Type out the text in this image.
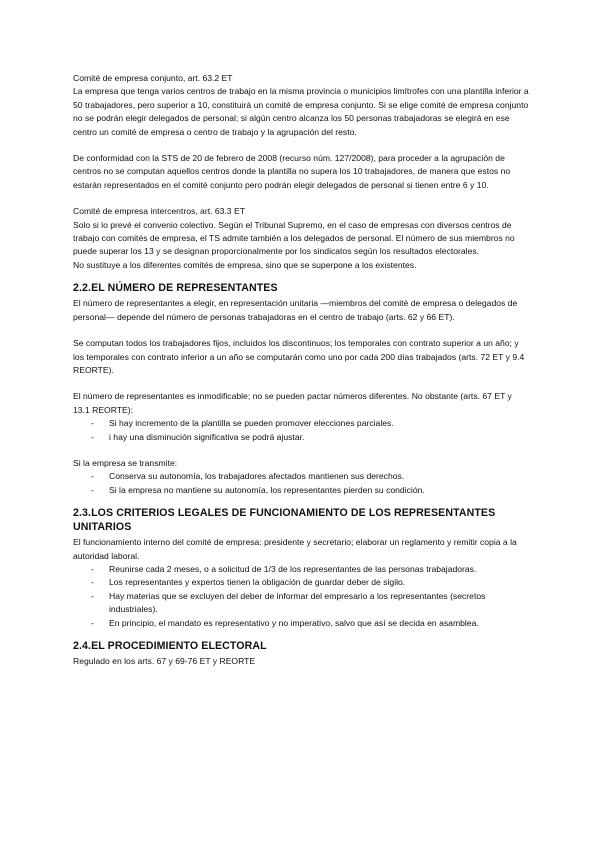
Comité de empresa conjunto, art. 63.2 ET

La empresa que tenga varios centros de trabajo en la misma provincia o municipios limítrofes con una plantilla inferior a 50 trabajadores, pero superior a 10, constituirá un comité de empresa conjunto. Si se elige comité de empresa conjunto no se podrán elegir delegados de personal; si algún centro alcanza los 50 personas trabajadoras se elegirá en ese centro un comité de empresa o centro de trabajo y la agrupación del resto.

De conformidad con la STS de 20 de febrero de 2008 (recurso núm. 127/2008), para proceder a la agrupación de centros no se computan aquellos centros donde la plantilla no supera los 10 trabajadores, de manera que estos no estarán representados en el comité conjunto pero podrán elegir delegados de personal si tienen entre 6 y 10.

Comité de empresa intercentros, art. 63.3 ET

Solo si lo prevé el convenio colectivo. Según el Tribunal Supremo, en el caso de empresas con diversos centros de trabajo con comités de empresa, el TS admite también a los delegados de personal. El número de sus miembros no puede superar los 13 y se designan proporcionalmente por los sindicatos según los resultados electorales.

No sustituye a los diferentes comités de empresa, sino que se superpone a los existentes.

2.2.EL NÚMERO DE REPRESENTANTES

El número de representantes a elegir, en representación unitaria —miembros del comité de empresa o delegados de personal— depende del número de personas trabajadoras en el centro de trabajo (arts. 62 y 66 ET).

Se computan todos los trabajadores fijos, incluidos los discontinuos; los temporales con contrato superior a un año; y los temporales con contrato inferior a un año se computarán como uno por cada 200 días trabajados (arts. 72 ET y 9.4 REORTE).

El número de representantes es inmodificable; no se pueden pactar números diferentes. No obstante (arts. 67 ET y 13.1 REORTE):

- Si hay incremento de la plantilla se pueden promover elecciones parciales.
- i hay una disminución significativa se podrá ajustar.

Si la empresa se transmite:

- Conserva su autonomía, los trabajadores afectados mantienen sus derechos.
- Si la empresa no mantiene su autonomía, los representantes pierden su condición.
2.3.LOS CRITERIOS LEGALES DE FUNCIONAMIENTO DE LOS REPRESENTANTES UNITARIOS

El funcionamiento interno del comité de empresa: presidente y secretario; elaborar un reglamento y remitir copia a la autoridad laboral.

- Reunirse cada 2 meses, o a solicitud de 1/3 de los representantes de las personas trabajadoras.
- Los representantes y expertos tienen la obligación de guardar deber de sigilo.
- Hay materias que se excluyen del deber de informar del empresario a los representantes (secretos industriales).
- En principio, el mandato es representativo y no imperativo, salvo que así se decida en asamblea.
2.4.EL PROCEDIMIENTO ELECTORAL

Regulado en los arts. 67 y 69-76 ET y REORTE
